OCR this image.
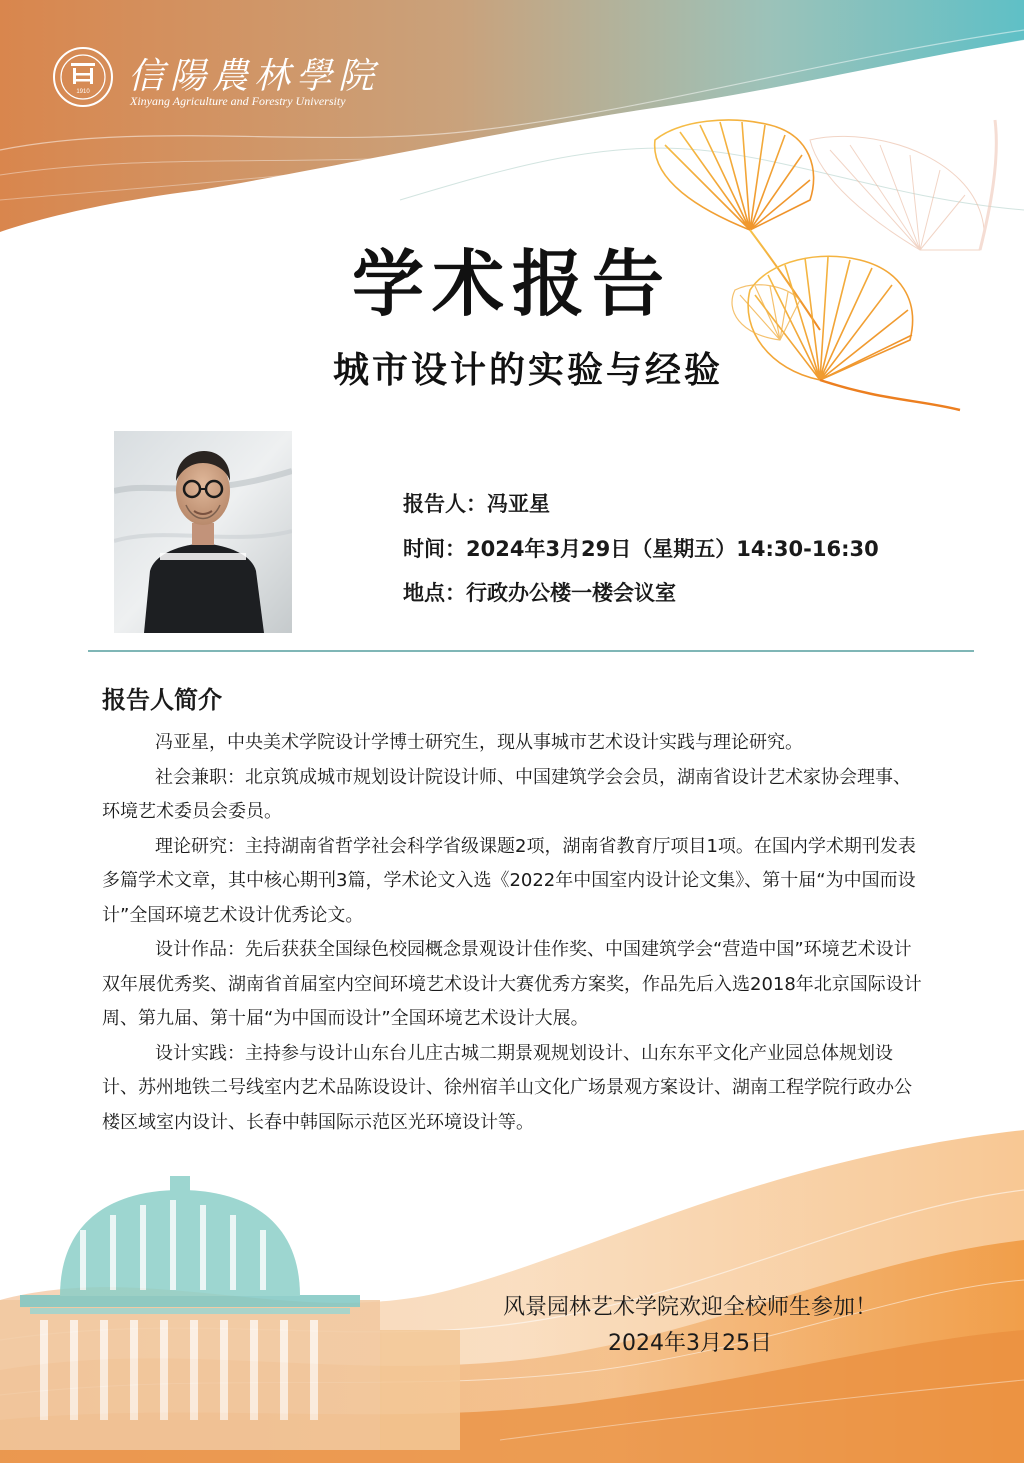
1910 信陽農林學院
Xinyang Agriculture and Forestry University
学术报告
城市设计的实验与经验
报告人：冯亚星
时间：2024年3月29日（星期五）14:30-16:30
地点：行政办公楼一楼会议室
报告人简介

冯亚星，中央美术学院设计学博士研究生，现从事城市艺术设计实践与理论研究。

社会兼职：北京筑成城市规划设计院设计师、中国建筑学会会员，湖南省设计艺术家协会理事、环境艺术委员会委员。

理论研究：主持湖南省哲学社会科学省级课题2项，湖南省教育厅项目1项。在国内学术期刊发表多篇学术文章，其中核心期刊3篇，学术论文入选《2022年中国室内设计论文集》、第十届“为中国而设计”全国环境艺术设计优秀论文。

设计作品：先后获获全国绿色校园概念景观设计佳作奖、中国建筑学会“营造中国”环境艺术设计双年展优秀奖、湖南省首届室内空间环境艺术设计大赛优秀方案奖，作品先后入选2018年北京国际设计周、第九届、第十届“为中国而设计”全国环境艺术设计大展。

设计实践：主持参与设计山东台儿庄古城二期景观规划设计、山东东平文化产业园总体规划设计、苏州地铁二号线室内艺术品陈设设计、徐州宿羊山文化广场景观方案设计、湖南工程学院行政办公楼区域室内设计、长春中韩国际示范区光环境设计等。

风景园林艺术学院欢迎全校师生参加！
2024年3月25日
